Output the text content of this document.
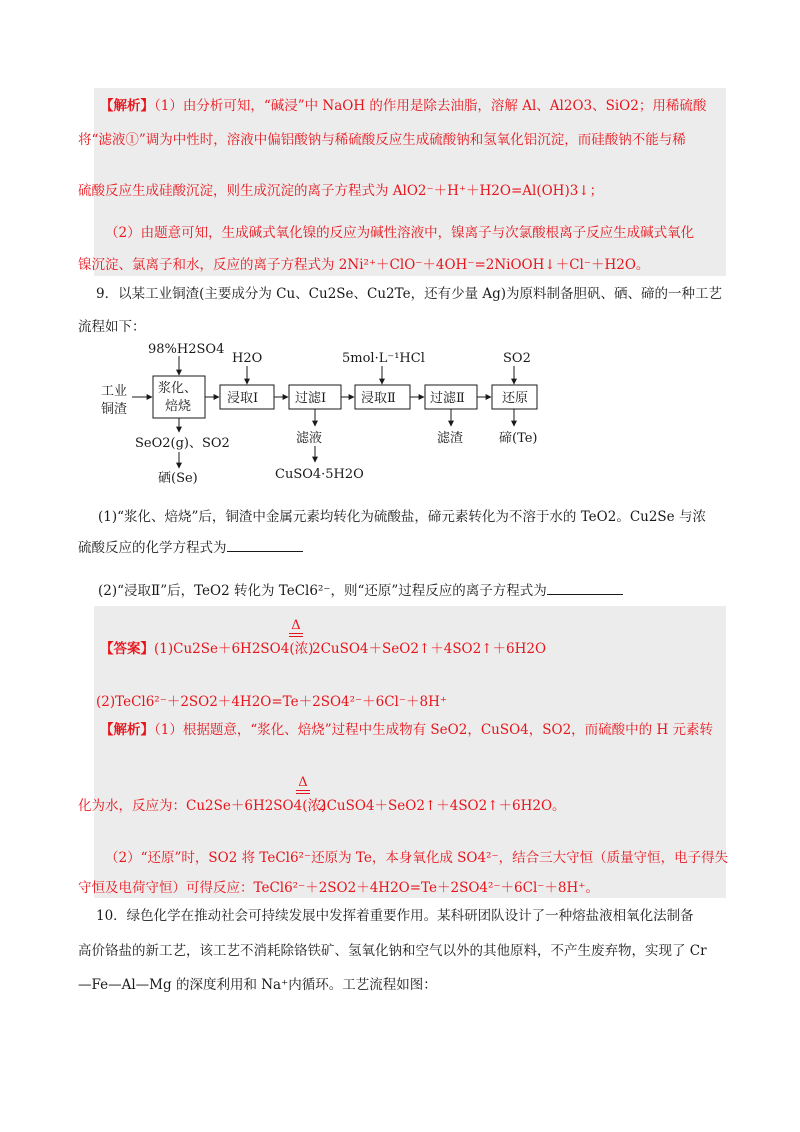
【解析】（1）由分析可知，“碱浸”中 NaOH 的作用是除去油脂，溶解 Al、Al2O3、SiO2；用稀硫酸
将“滤液①”调为中性时，溶液中偏铝酸钠与稀硫酸反应生成硫酸钠和氢氧化铝沉淀，而硅酸钠不能与稀
硫酸反应生成硅酸沉淀，则生成沉淀的离子方程式为 AlO2⁻＋H⁺＋H2O=Al(OH)3↓；
（2）由题意可知，生成碱式氧化镍的反应为碱性溶液中，镍离子与次氯酸根离子反应生成碱式氧化
镍沉淀、氯离子和水，反应的离子方程式为 2Ni²⁺＋ClO⁻＋4OH⁻=2NiOOH↓＋Cl⁻＋H2O。
9．以某工业铜渣(主要成分为 Cu、Cu2Se、Cu2Te，还有少量 Ag)为原料制备胆矾、硒、碲的一种工艺
流程如下：
工业
铜渣
98%H2SO4
H2O	5mol·L⁻¹HCl	SO2
浆化、
焙烧
浸取Ⅰ	过滤Ⅰ	浸取Ⅱ	过滤Ⅱ	还原
SeO2(g)、SO2
硒(Se)
滤液
CuSO4·5H2O
滤渣	碲(Te)
(1)“浆化、焙烧”后，铜渣中金属元素均转化为硫酸盐，碲元素转化为不溶于水的 TeO2。Cu2Se 与浓
硫酸反应的化学方程式为
(2)“浸取Ⅱ”后，TeO2 转化为 TeCl6²⁻，则“还原”过程反应的离子方程式为
Δ
【答案】(1)Cu2Se＋6H2SO4(浓)
2CuSO4＋SeO2↑＋4SO2↑＋6H2O
(2)TeCl6²⁻＋2SO2＋4H2O=Te＋2SO4²⁻＋6Cl⁻＋8H⁺
【解析】（1）根据题意，“浆化、焙烧”过程中生成物有 SeO2，CuSO4，SO2，而硫酸中的 H 元素转
Δ
化为水，反应为：Cu2Se＋6H2SO4(浓)
2CuSO4＋SeO2↑＋4SO2↑＋6H2O。
（2）“还原”时，SO2 将 TeCl6²⁻还原为 Te，本身氧化成 SO4²⁻，结合三大守恒（质量守恒，电子得失
守恒及电荷守恒）可得反应：TeCl6²⁻＋2SO2＋4H2O=Te＋2SO4²⁻＋6Cl⁻＋8H⁺。
10．绿色化学在推动社会可持续发展中发挥着重要作用。某科研团队设计了一种熔盐液相氧化法制备
高价铬盐的新工艺，该工艺不消耗除铬铁矿、氢氧化钠和空气以外的其他原料，不产生废弃物，实现了 Cr
—Fe—Al—Mg 的深度利用和 Na⁺内循环。工艺流程如图：
